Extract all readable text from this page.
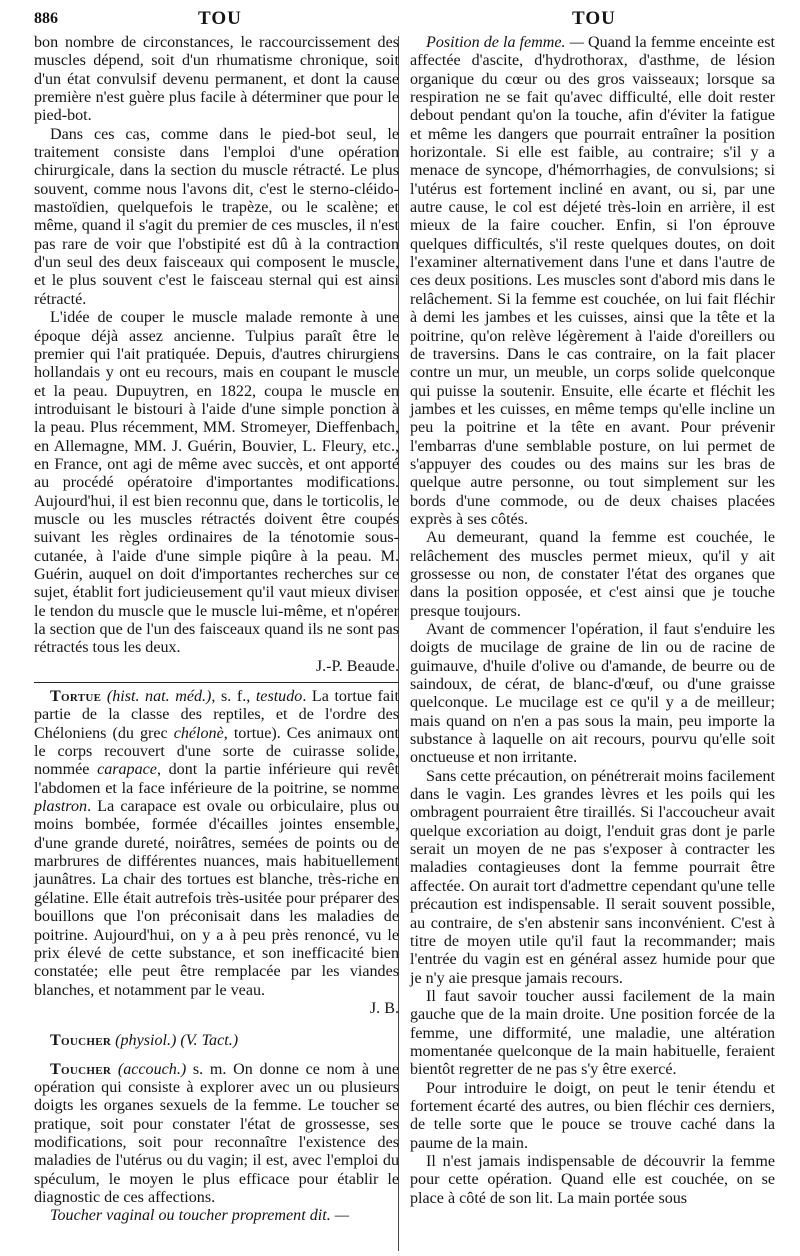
886	TOU	TOU

bon nombre de circonstances, le raccourcissement des muscles dépend, soit d'un rhumatisme chronique, soit d'un état convulsif devenu permanent, et dont la cause première n'est guère plus facile à déterminer que pour le pied-bot.

Dans ces cas, comme dans le pied-bot seul, le traitement consiste dans l'emploi d'une opération chirurgicale, dans la section du muscle rétracté. Le plus souvent, comme nous l'avons dit, c'est le sterno-cléido-mastoïdien, quelquefois le trapèze, ou le scalène; et même, quand il s'agit du premier de ces muscles, il n'est pas rare de voir que l'obstipité est dû à la contraction d'un seul des deux faisceaux qui composent le muscle, et le plus souvent c'est le faisceau sternal qui est ainsi rétracté.

L'idée de couper le muscle malade remonte à une époque déjà assez ancienne. Tulpius paraît être le premier qui l'ait pratiquée. Depuis, d'autres chirurgiens hollandais y ont eu recours, mais en coupant le muscle et la peau. Dupuytren, en 1822, coupa le muscle en introduisant le bistouri à l'aide d'une simple ponction à la peau. Plus récemment, MM. Stromeyer, Dieffenbach, en Allemagne, MM. J. Guérin, Bouvier, L. Fleury, etc., en France, ont agi de même avec succès, et ont apporté au procédé opératoire d'importantes modifications. Aujourd'hui, il est bien reconnu que, dans le torticolis, le muscle ou les muscles rétractés doivent être coupés suivant les règles ordinaires de la ténotomie sous-cutanée, à l'aide d'une simple piqûre à la peau. M. Guérin, auquel on doit d'importantes recherches sur ce sujet, établit fort judicieusement qu'il vaut mieux diviser le tendon du muscle que le muscle lui-même, et n'opérer la section que de l'un des faisceaux quand ils ne sont pas rétractés tous les deux.

J.-P. Beaude.

Tortue (hist. nat. méd.), s. f., testudo. La tortue fait partie de la classe des reptiles, et de l'ordre des Chéloniens (du grec chélonè, tortue). Ces animaux ont le corps recouvert d'une sorte de cuirasse solide, nommée carapace, dont la partie inférieure qui revêt l'abdomen et la face inférieure de la poitrine, se nomme plastron. La carapace est ovale ou orbiculaire, plus ou moins bombée, formée d'écailles jointes ensemble, d'une grande dureté, noirâtres, semées de points ou de marbrures de différentes nuances, mais habituellement jaunâtres. La chair des tortues est blanche, très-riche en gélatine. Elle était autrefois très-usitée pour préparer des bouillons que l'on préconisait dans les maladies de poitrine. Aujourd'hui, on y a à peu près renoncé, vu le prix élevé de cette substance, et son inefficacité bien constatée; elle peut être remplacée par les viandes blanches, et notamment par le veau.

J. B.

Toucher (physiol.) (V. Tact.)

Toucher (accouch.) s. m. On donne ce nom à une opération qui consiste à explorer avec un ou plusieurs doigts les organes sexuels de la femme. Le toucher se pratique, soit pour constater l'état de grossesse, ses modifications, soit pour reconnaître l'existence des maladies de l'utérus ou du vagin; il est, avec l'emploi du spéculum, le moyen le plus efficace pour établir le diagnostic de ces affections.

Toucher vaginal ou toucher proprement dit. —

Position de la femme. — Quand la femme enceinte est affectée d'ascite, d'hydrothorax, d'asthme, de lésion organique du cœur ou des gros vaisseaux; lorsque sa respiration ne se fait qu'avec difficulté, elle doit rester debout pendant qu'on la touche, afin d'éviter la fatigue et même les dangers que pourrait entraîner la position horizontale. Si elle est faible, au contraire; s'il y a menace de syncope, d'hémorrhagies, de convulsions; si l'utérus est fortement incliné en avant, ou si, par une autre cause, le col est déjeté très-loin en arrière, il est mieux de la faire coucher. Enfin, si l'on éprouve quelques difficultés, s'il reste quelques doutes, on doit l'examiner alternativement dans l'une et dans l'autre de ces deux positions. Les muscles sont d'abord mis dans le relâchement. Si la femme est couchée, on lui fait fléchir à demi les jambes et les cuisses, ainsi que la tête et la poitrine, qu'on relève légèrement à l'aide d'oreillers ou de traversins. Dans le cas contraire, on la fait placer contre un mur, un meuble, un corps solide quelconque qui puisse la soutenir. Ensuite, elle écarte et fléchit les jambes et les cuisses, en même temps qu'elle incline un peu la poitrine et la tête en avant. Pour prévenir l'embarras d'une semblable posture, on lui permet de s'appuyer des coudes ou des mains sur les bras de quelque autre personne, ou tout simplement sur les bords d'une commode, ou de deux chaises placées exprès à ses côtés.

Au demeurant, quand la femme est couchée, le relâchement des muscles permet mieux, qu'il y ait grossesse ou non, de constater l'état des organes que dans la position opposée, et c'est ainsi que je touche presque toujours.

Avant de commencer l'opération, il faut s'enduire les doigts de mucilage de graine de lin ou de racine de guimauve, d'huile d'olive ou d'amande, de beurre ou de saindoux, de cérat, de blanc-d'œuf, ou d'une graisse quelconque. Le mucilage est ce qu'il y a de meilleur; mais quand on n'en a pas sous la main, peu importe la substance à laquelle on ait recours, pourvu qu'elle soit onctueuse et non irritante.

Sans cette précaution, on pénétrerait moins facilement dans le vagin. Les grandes lèvres et les poils qui les ombragent pourraient être tiraillés. Si l'accoucheur avait quelque excoriation au doigt, l'enduit gras dont je parle serait un moyen de ne pas s'exposer à contracter les maladies contagieuses dont la femme pourrait être affectée. On aurait tort d'admettre cependant qu'une telle précaution est indispensable. Il serait souvent possible, au contraire, de s'en abstenir sans inconvénient. C'est à titre de moyen utile qu'il faut la recommander; mais l'entrée du vagin est en général assez humide pour que je n'y aie presque jamais recours.

Il faut savoir toucher aussi facilement de la main gauche que de la main droite. Une position forcée de la femme, une difformité, une maladie, une altération momentanée quelconque de la main habituelle, feraient bientôt regretter de ne pas s'y être exercé.

Pour introduire le doigt, on peut le tenir étendu et fortement écarté des autres, ou bien fléchir ces derniers, de telle sorte que le pouce se trouve caché dans la paume de la main.

Il n'est jamais indispensable de découvrir la femme pour cette opération. Quand elle est couchée, on se place à côté de son lit. La main portée sous
